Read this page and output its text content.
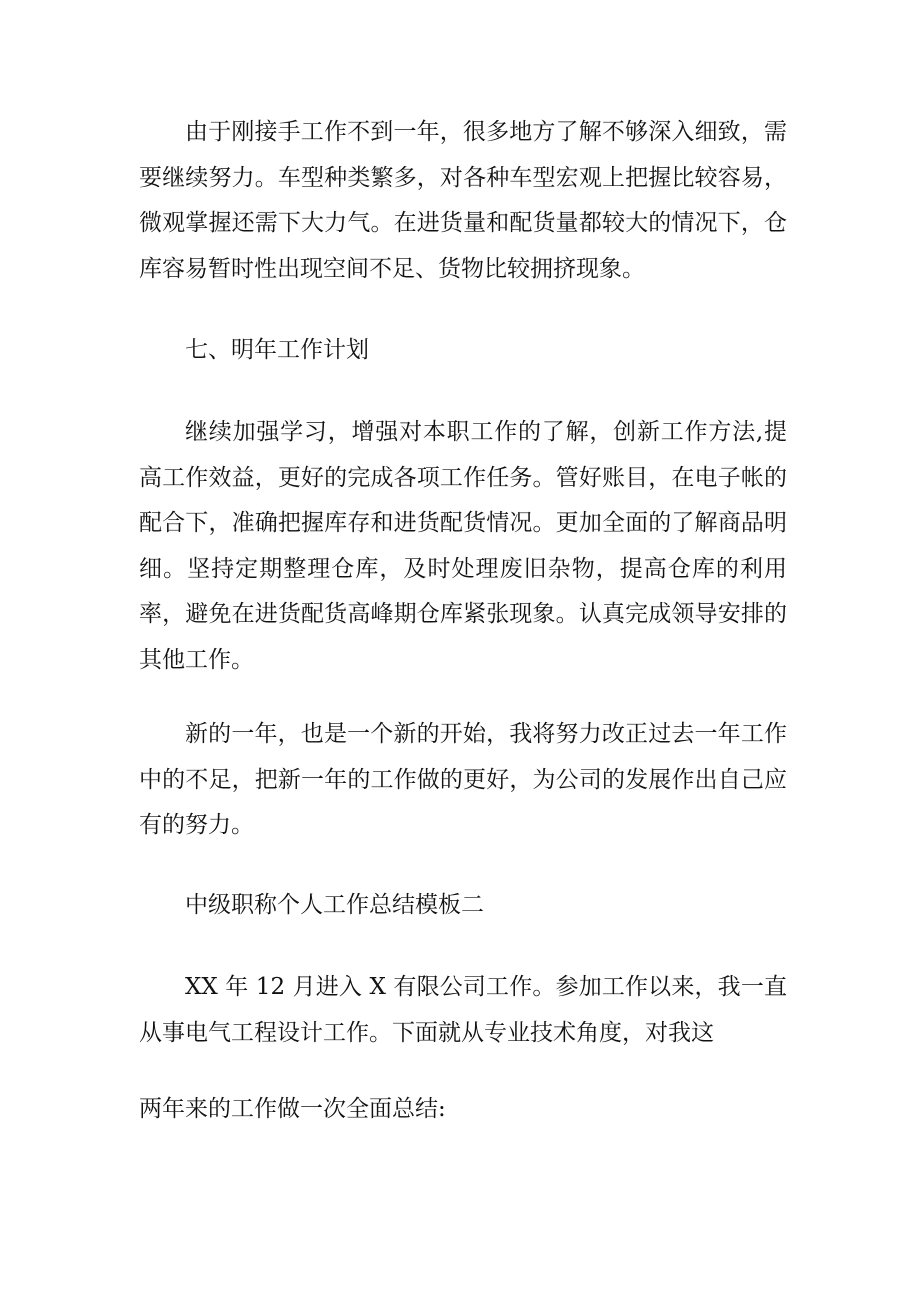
由于刚接手工作不到一年，很多地方了解不够深入细致，需要继续努力。车型种类繁多，对各种车型宏观上把握比较容易，微观掌握还需下大力气。在进货量和配货量都较大的情况下，仓库容易暂时性出现空间不足、货物比较拥挤现象。

七、明年工作计划

继续加强学习，增强对本职工作的了解，创新工作方法,提高工作效益，更好的完成各项工作任务。管好账目，在电子帐的配合下，准确把握库存和进货配货情况。更加全面的了解商品明细。坚持定期整理仓库，及时处理废旧杂物，提高仓库的利用率，避免在进货配货高峰期仓库紧张现象。认真完成领导安排的其他工作。

新的一年，也是一个新的开始，我将努力改正过去一年工作中的不足，把新一年的工作做的更好，为公司的发展作出自己应有的努力。

中级职称个人工作总结模板二

XX 年 12 月进入 X 有限公司工作。参加工作以来，我一直从事电气工程设计工作。下面就从专业技术角度，对我这

两年来的工作做一次全面总结:
